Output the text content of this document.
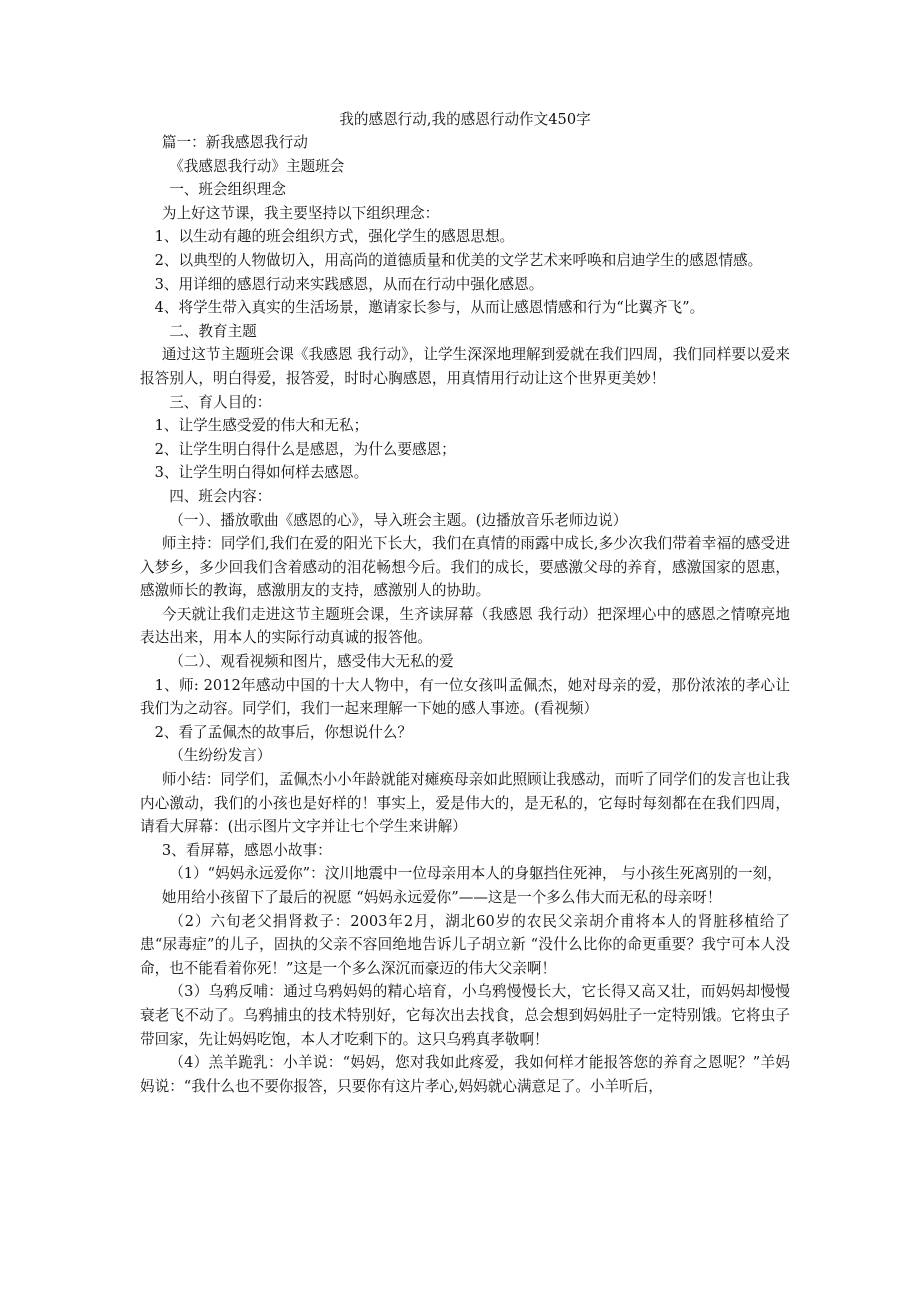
我的感恩行动,我的感恩行动作文450字

篇一：新我感恩我行动

《我感恩我行动》主题班会

一、班会组织理念

为上好这节课，我主要坚持以下组织理念：

1、以生动有趣的班会组织方式，强化学生的感恩思想。

2、以典型的人物做切入，用高尚的道德质量和优美的文学艺术来呼唤和启迪学生的感恩情感。

3、用详细的感恩行动来实践感恩，从而在行动中强化感恩。

4、将学生带入真实的生活场景，邀请家长参与，从而让感恩情感和行为“比翼齐飞”。

二、教育主题

通过这节主题班会课《我感恩 我行动》，让学生深深地理解到爱就在我们四周，我们同样要以爱来报答别人，明白得爱，报答爱，时时心胸感恩，用真情用行动让这个世界更美妙！

三、育人目的：

1、让学生感受爱的伟大和无私；

2、让学生明白得什么是感恩，为什么要感恩；

3、让学生明白得如何样去感恩。

四、班会内容：

（一）、播放歌曲《感恩的心》，导入班会主题。(边播放音乐老师边说）

师主持：同学们,我们在爱的阳光下长大，我们在真情的雨露中成长,多少次我们带着幸福的感受进入梦乡，多少回我们含着感动的泪花畅想今后。我们的成长，要感激父母的养育，感激国家的恩惠，感激师长的教诲，感激朋友的支持，感激别人的协助。

今天就让我们走进这节主题班会课，生齐读屏幕（我感恩 我行动）把深埋心中的感恩之情嘹亮地表达出来，用本人的实际行动真诚的报答他。

（二）、观看视频和图片，感受伟大无私的爱

1、师: 2012年感动中国的十大人物中，有一位女孩叫孟佩杰，她对母亲的爱，那份浓浓的孝心让我们为之动容。同学们，我们一起来理解一下她的感人事迹。(看视频）

2、看了孟佩杰的故事后，你想说什么？

（生纷纷发言）

师小结：同学们，孟佩杰小小年龄就能对瘫痪母亲如此照顾让我感动，而听了同学们的发言也让我内心激动，我们的小孩也是好样的！事实上，爱是伟大的，是无私的，它每时每刻都在在我们四周，请看大屏幕：(出示图片文字并让七个学生来讲解）

3、看屏幕，感恩小故事：

（1）“妈妈永远爱你”：汶川地震中一位母亲用本人的身躯挡住死神， 与小孩生死离别的一刻，

她用给小孩留下了最后的祝愿 “妈妈永远爱你”——这是一个多么伟大而无私的母亲呀！

（2）六旬老父捐肾救子：2003年2月，湖北60岁的农民父亲胡介甫将本人的肾脏移植给了患“尿毒症”的儿子，固执的父亲不容回绝地告诉儿子胡立新 “没什么比你的命更重要？我宁可本人没命，也不能看着你死！”这是一个多么深沉而豪迈的伟大父亲啊！

（3）乌鸦反哺：通过乌鸦妈妈的精心培育，小乌鸦慢慢长大，它长得又高又壮，而妈妈却慢慢衰老飞不动了。乌鸦捕虫的技术特别好，它每次出去找食，总会想到妈妈肚子一定特别饿。它将虫子带回家，先让妈妈吃饱，本人才吃剩下的。这只乌鸦真孝敬啊！

（4）羔羊跪乳：小羊说：“妈妈，您对我如此疼爱，我如何样才能报答您的养育之恩呢？”羊妈妈说：“我什么也不要你报答，只要你有这片孝心,妈妈就心满意足了。小羊听后，
